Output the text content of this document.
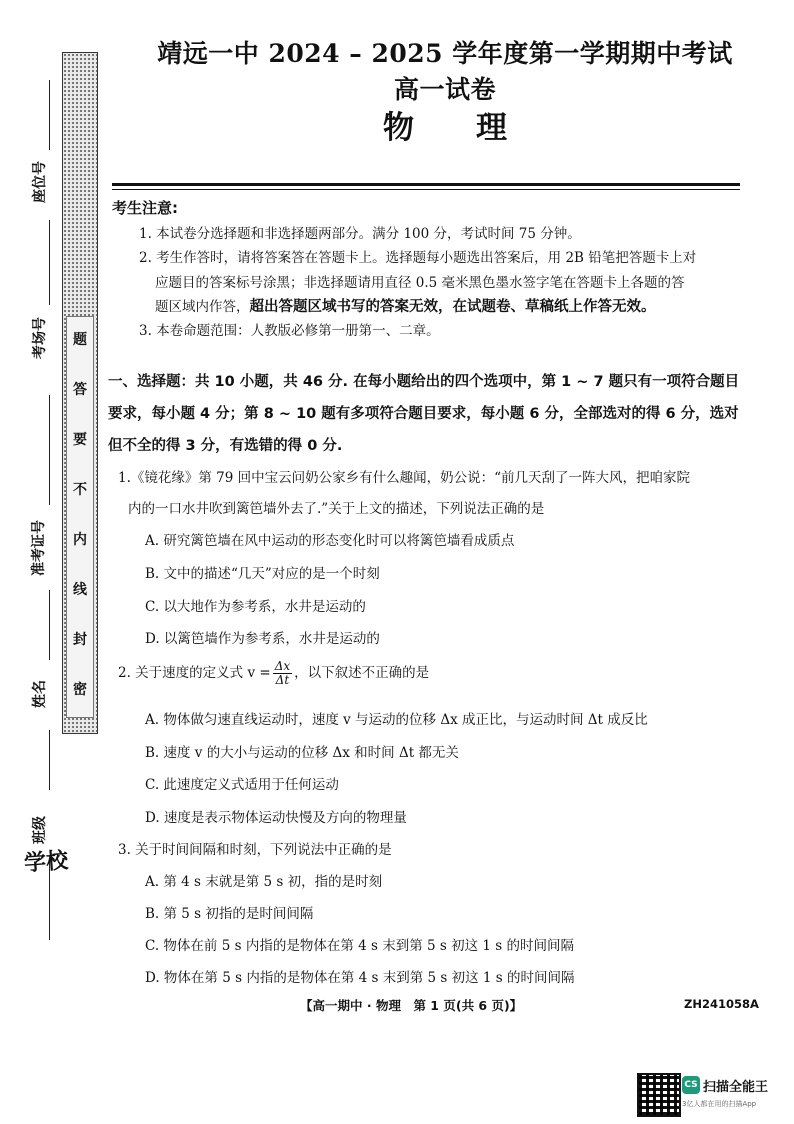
题
答
要
不
内
线
封
密
座位号
考场号
准考证号
姓名
班级
学校
靖远一中 2024 – 2025 学年度第一学期期中考试高一试卷
物　　理
考生注意:
1. 本试卷分选择题和非选择题两部分。满分 100 分，考试时间 75 分钟。
2. 考生作答时，请将答案答在答题卡上。选择题每小题选出答案后，用 2B 铅笔把答题卡上对
应题目的答案标号涂黑；非选择题请用直径 0.5 毫米黑色墨水签字笔在答题卡上各题的答
题区域内作答，超出答题区域书写的答案无效，在试题卷、草稿纸上作答无效。
3. 本卷命题范围：人教版必修第一册第一、二章。
一、选择题：共 10 小题，共 46 分. 在每小题给出的四个选项中，第 1 ~ 7 题只有一项符合题目要求，每小题 4 分；第 8 ~ 10 题有多项符合题目要求，每小题 6 分，全部选对的得 6 分，选对但不全的得 3 分，有选错的得 0 分.
1.《镜花缘》第 79 回中宝云问奶公家乡有什么趣闻，奶公说：“前几天刮了一阵大风，把咱家院
内的一口水井吹到篱笆墙外去了.”关于上文的描述，下列说法正确的是
A. 研究篱笆墙在风中运动的形态变化时可以将篱笆墙看成质点
B. 文中的描述“几天”对应的是一个时刻
C. 以大地作为参考系，水井是运动的
D. 以篱笆墙作为参考系，水井是运动的
2. 关于速度的定义式 $v = \frac{\Delta x}{\Delta t}$ ，以下叙述不正确的是
A. 物体做匀速直线运动时，速度 v 与运动的位移 Δx 成正比，与运动时间 Δt 成反比
B. 速度 v 的大小与运动的位移 Δx 和时间 Δt 都无关
C. 此速度定义式适用于任何运动
D. 速度是表示物体运动快慢及方向的物理量
3. 关于时间间隔和时刻，下列说法中正确的是
A. 第 4 s 末就是第 5 s 初，指的是时刻
B. 第 5 s 初指的是时间间隔
C. 物体在前 5 s 内指的是物体在第 4 s 末到第 5 s 初这 1 s 的时间间隔
D. 物体在第 5 s 内指的是物体在第 4 s 末到第 5 s 初这 1 s 的时间间隔
【高一期中 · 物理　第 1 页(共 6 页)】	ZH241058A
CS 扫描全能王
3亿人都在用的扫描App
